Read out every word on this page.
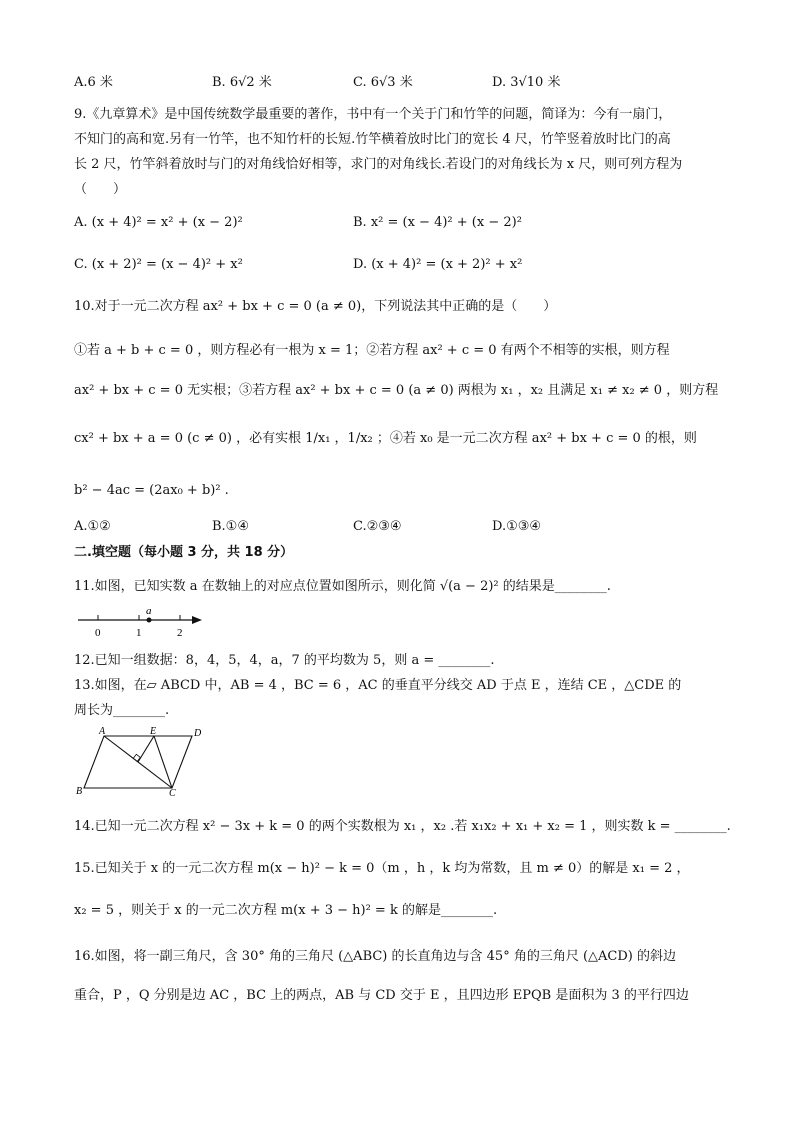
A.6 米	B. 6√2 米	C. 6√3 米	D. 3√10 米
9.《九章算术》是中国传统数学最重要的著作，书中有一个关于门和竹竿的问题，简译为：今有一扇门，
不知门的高和宽.另有一竹竿，也不知竹杆的长短.竹竿横着放时比门的宽长 4 尺，竹竿竖着放时比门的高
长 2 尺，竹竿斜着放时与门的对角线恰好相等，求门的对角线长.若设门的对角线长为 x 尺，则可列方程为
（　　）
A. (x + 4)² = x² + (x − 2)²	B. x² = (x − 4)² + (x − 2)²
C. (x + 2)² = (x − 4)² + x²	D. (x + 4)² = (x + 2)² + x²
10.对于一元二次方程 ax² + bx + c = 0 (a ≠ 0)，下列说法其中正确的是（　　）
①若 a + b + c = 0 ，则方程必有一根为 x = 1；②若方程 ax² + c = 0 有两个不相等的实根，则方程
ax² + bx + c = 0 无实根；③若方程 ax² + bx + c = 0 (a ≠ 0) 两根为 x₁ ，x₂ 且满足 x₁ ≠ x₂ ≠ 0 ，则方程
cx² + bx + a = 0 (c ≠ 0) ，必有实根 1/x₁ ，1/x₂ ；④若 x₀ 是一元二次方程 ax² + bx + c = 0 的根，则
b² − 4ac = (2ax₀ + b)² .
A.①②	B.①④	C.②③④	D.①③④
二.填空题（每小题 3 分，共 18 分）
11.如图，已知实数 a 在数轴上的对应点位置如图所示，则化简 √(a − 2)² 的结果是________.
a
0	1	2
12.已知一组数据：8，4，5，4，a，7 的平均数为 5，则 a = ________.
13.如图，在▱ ABCD 中，AB = 4 ，BC = 6 ，AC 的垂直平分线交 AD 于点 E ，连结 CE ，△CDE 的
周长为________.
A	E	D
B	C
14.已知一元二次方程 x² − 3x + k = 0 的两个实数根为 x₁ ，x₂ .若 x₁x₂ + x₁ + x₂ = 1 ，则实数 k = ________.
15.已知关于 x 的一元二次方程 m(x − h)² − k = 0（m ，h ，k 均为常数，且 m ≠ 0）的解是 x₁ = 2 ，
x₂ = 5 ，则关于 x 的一元二次方程 m(x + 3 − h)² = k 的解是________.
16.如图，将一副三角尺，含 30° 角的三角尺 (△ABC) 的长直角边与含 45° 角的三角尺 (△ACD) 的斜边
重合，P ，Q 分别是边 AC ，BC 上的两点，AB 与 CD 交于 E ，且四边形 EPQB 是面积为 3 的平行四边
